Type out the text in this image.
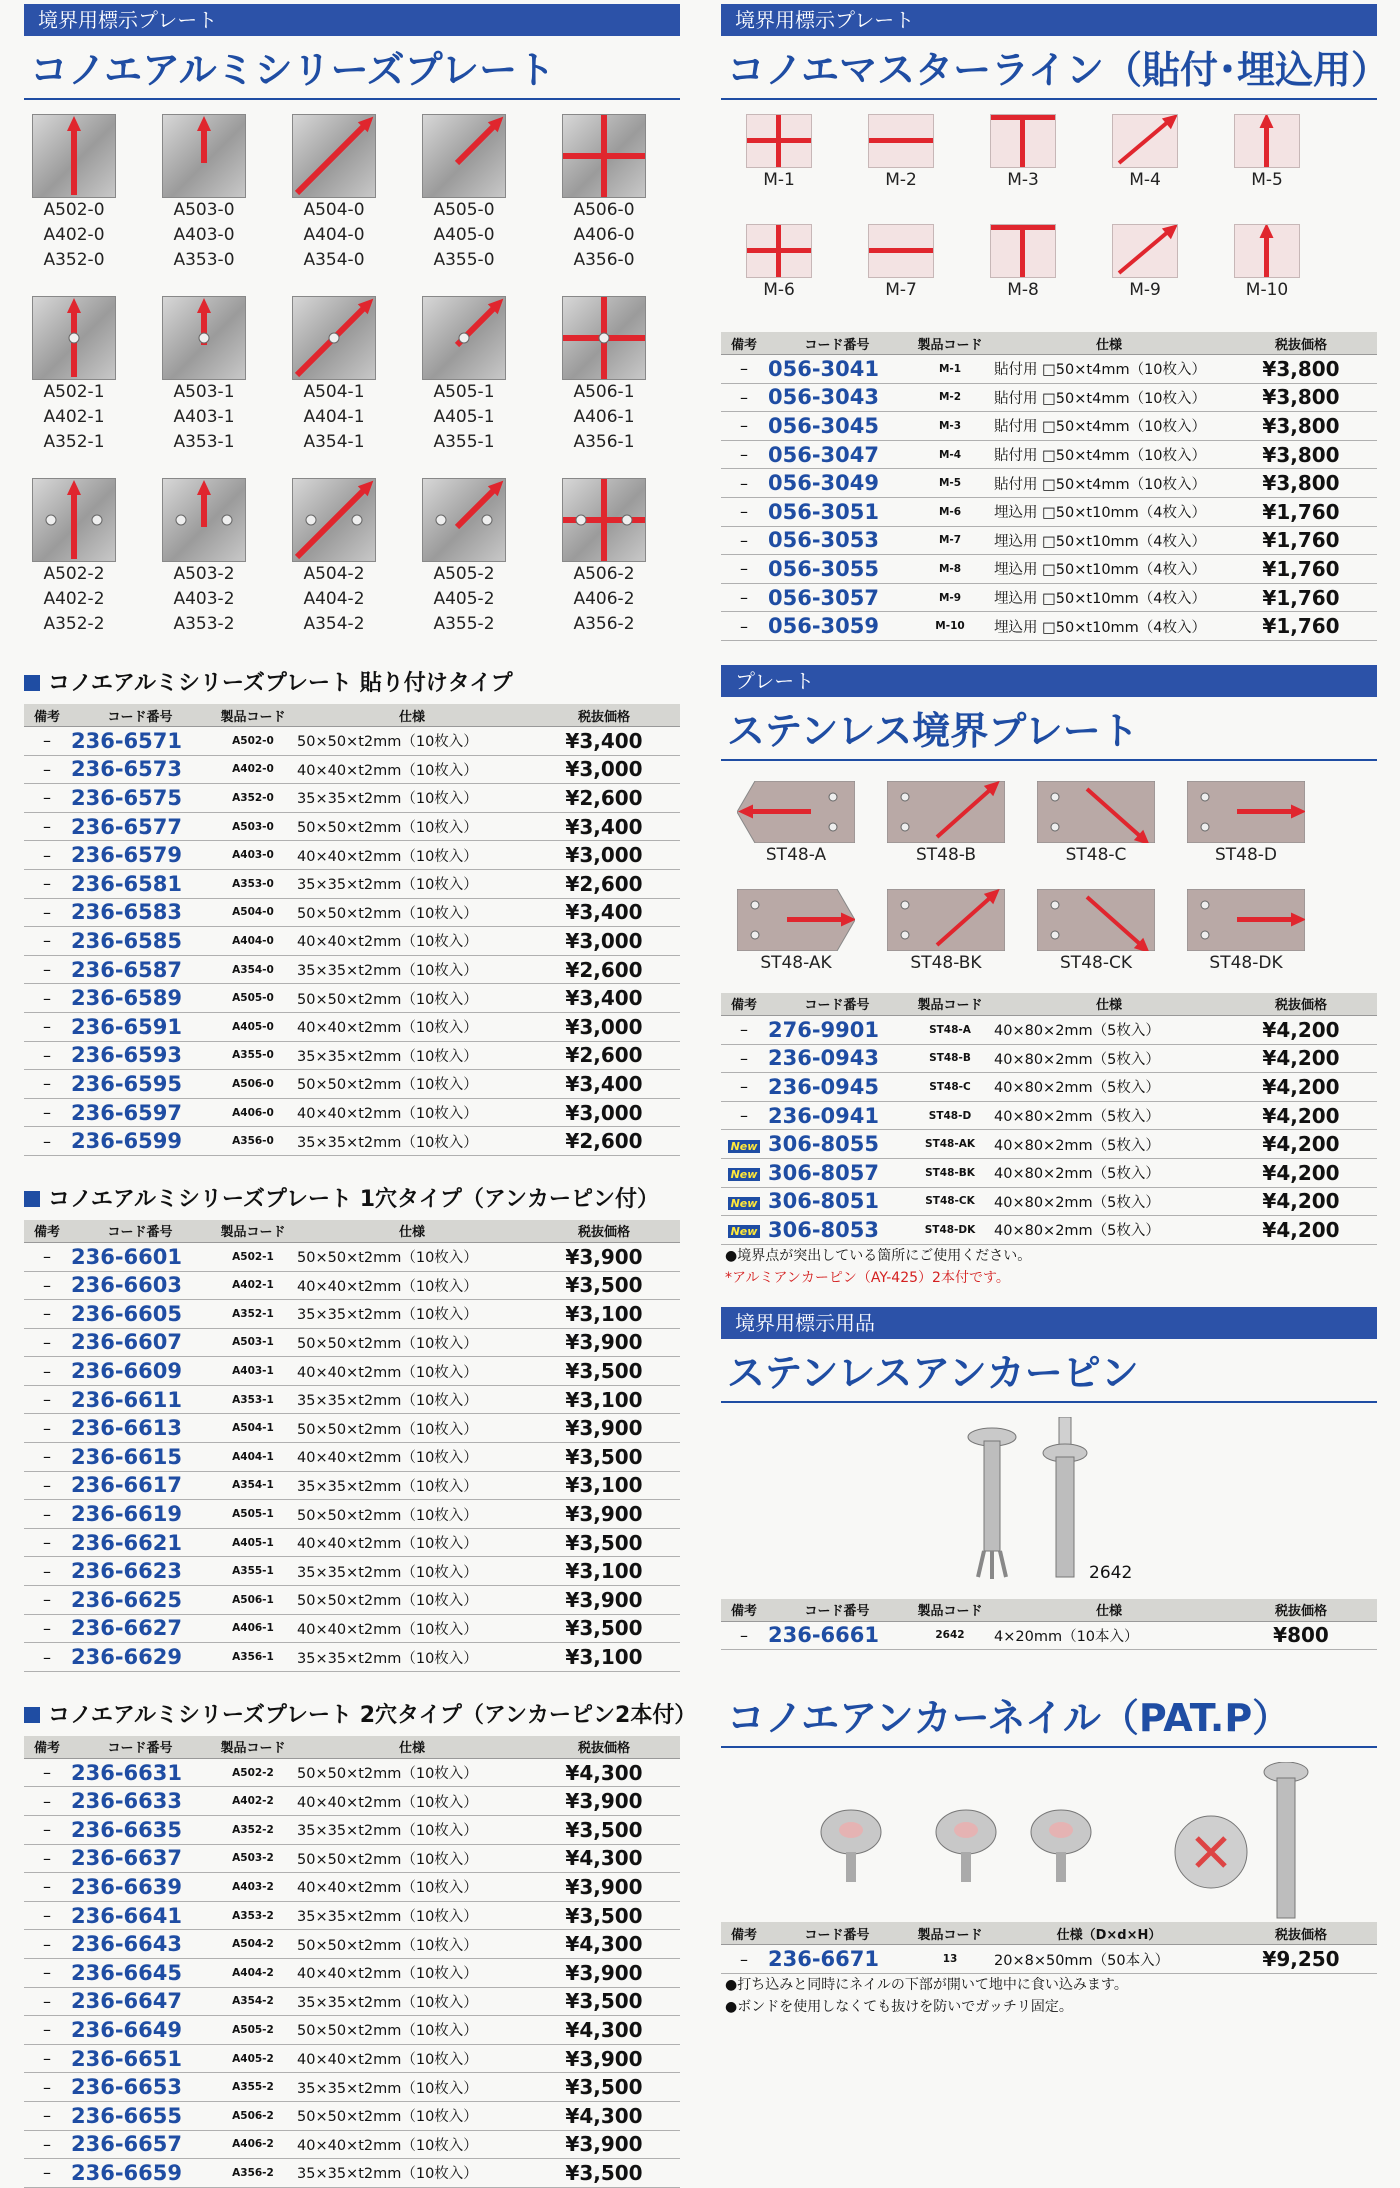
境界用標示プレート
コノエアルミシリーズプレート
A502-0
A402-0
A352-0
A503-0
A403-0
A353-0
A504-0
A404-0
A354-0
A505-0
A405-0
A355-0
A506-0
A406-0
A356-0
A502-1
A402-1
A352-1
A503-1
A403-1
A353-1
A504-1
A404-1
A354-1
A505-1
A405-1
A355-1
A506-1
A406-1
A356-1
A502-2
A402-2
A352-2
A503-2
A403-2
A353-2
A504-2
A404-2
A354-2
A505-2
A405-2
A355-2
A506-2
A406-2
A356-2
コノエアルミシリーズプレート 貼り付けタイプ
備考	コード番号	製品コード	仕様	税抜価格
–	236-6571	A502-0	50×50×t2mm（10枚入）	¥3,400
–	236-6573	A402-0	40×40×t2mm（10枚入）	¥3,000
–	236-6575	A352-0	35×35×t2mm（10枚入）	¥2,600
–	236-6577	A503-0	50×50×t2mm（10枚入）	¥3,400
–	236-6579	A403-0	40×40×t2mm（10枚入）	¥3,000
–	236-6581	A353-0	35×35×t2mm（10枚入）	¥2,600
–	236-6583	A504-0	50×50×t2mm（10枚入）	¥3,400
–	236-6585	A404-0	40×40×t2mm（10枚入）	¥3,000
–	236-6587	A354-0	35×35×t2mm（10枚入）	¥2,600
–	236-6589	A505-0	50×50×t2mm（10枚入）	¥3,400
–	236-6591	A405-0	40×40×t2mm（10枚入）	¥3,000
–	236-6593	A355-0	35×35×t2mm（10枚入）	¥2,600
–	236-6595	A506-0	50×50×t2mm（10枚入）	¥3,400
–	236-6597	A406-0	40×40×t2mm（10枚入）	¥3,000
–	236-6599	A356-0	35×35×t2mm（10枚入）	¥2,600
コノエアルミシリーズプレート 1穴タイプ（アンカーピン付）
備考	コード番号	製品コード	仕様	税抜価格
–	236-6601	A502-1	50×50×t2mm（10枚入）	¥3,900
–	236-6603	A402-1	40×40×t2mm（10枚入）	¥3,500
–	236-6605	A352-1	35×35×t2mm（10枚入）	¥3,100
–	236-6607	A503-1	50×50×t2mm（10枚入）	¥3,900
–	236-6609	A403-1	40×40×t2mm（10枚入）	¥3,500
–	236-6611	A353-1	35×35×t2mm（10枚入）	¥3,100
–	236-6613	A504-1	50×50×t2mm（10枚入）	¥3,900
–	236-6615	A404-1	40×40×t2mm（10枚入）	¥3,500
–	236-6617	A354-1	35×35×t2mm（10枚入）	¥3,100
–	236-6619	A505-1	50×50×t2mm（10枚入）	¥3,900
–	236-6621	A405-1	40×40×t2mm（10枚入）	¥3,500
–	236-6623	A355-1	35×35×t2mm（10枚入）	¥3,100
–	236-6625	A506-1	50×50×t2mm（10枚入）	¥3,900
–	236-6627	A406-1	40×40×t2mm（10枚入）	¥3,500
–	236-6629	A356-1	35×35×t2mm（10枚入）	¥3,100
コノエアルミシリーズプレート 2穴タイプ（アンカーピン2本付）
備考	コード番号	製品コード	仕様	税抜価格
–	236-6631	A502-2	50×50×t2mm（10枚入）	¥4,300
–	236-6633	A402-2	40×40×t2mm（10枚入）	¥3,900
–	236-6635	A352-2	35×35×t2mm（10枚入）	¥3,500
–	236-6637	A503-2	50×50×t2mm（10枚入）	¥4,300
–	236-6639	A403-2	40×40×t2mm（10枚入）	¥3,900
–	236-6641	A353-2	35×35×t2mm（10枚入）	¥3,500
–	236-6643	A504-2	50×50×t2mm（10枚入）	¥4,300
–	236-6645	A404-2	40×40×t2mm（10枚入）	¥3,900
–	236-6647	A354-2	35×35×t2mm（10枚入）	¥3,500
–	236-6649	A505-2	50×50×t2mm（10枚入）	¥4,300
–	236-6651	A405-2	40×40×t2mm（10枚入）	¥3,900
–	236-6653	A355-2	35×35×t2mm（10枚入）	¥3,500
–	236-6655	A506-2	50×50×t2mm（10枚入）	¥4,300
–	236-6657	A406-2	40×40×t2mm（10枚入）	¥3,900
–	236-6659	A356-2	35×35×t2mm（10枚入）	¥3,500
境界用標示プレート
コノエマスターライン（貼付･埋込用）
M-1	M-2	M-3	M-4	M-5
M-6	M-7	M-8	M-9	M-10
備考	コード番号	製品コード	仕様	税抜価格
–	056-3041	M-1	貼付用 □50×t4mm（10枚入）	¥3,800
–	056-3043	M-2	貼付用 □50×t4mm（10枚入）	¥3,800
–	056-3045	M-3	貼付用 □50×t4mm（10枚入）	¥3,800
–	056-3047	M-4	貼付用 □50×t4mm（10枚入）	¥3,800
–	056-3049	M-5	貼付用 □50×t4mm（10枚入）	¥3,800
–	056-3051	M-6	埋込用 □50×t10mm（4枚入）	¥1,760
–	056-3053	M-7	埋込用 □50×t10mm（4枚入）	¥1,760
–	056-3055	M-8	埋込用 □50×t10mm（4枚入）	¥1,760
–	056-3057	M-9	埋込用 □50×t10mm（4枚入）	¥1,760
–	056-3059	M-10	埋込用 □50×t10mm（4枚入）	¥1,760
プレート
ステンレス境界プレート
ST48-A	ST48-B	ST48-C	ST48-D
ST48-AK	ST48-BK	ST48-CK	ST48-DK
備考	コード番号	製品コード	仕様	税抜価格
–	276-9901	ST48-A	40×80×2mm（5枚入）	¥4,200
–	236-0943	ST48-B	40×80×2mm（5枚入）	¥4,200
–	236-0945	ST48-C	40×80×2mm（5枚入）	¥4,200
–	236-0941	ST48-D	40×80×2mm（5枚入）	¥4,200
New	306-8055	ST48-AK	40×80×2mm（5枚入）	¥4,200
New	306-8057	ST48-BK	40×80×2mm（5枚入）	¥4,200
New	306-8051	ST48-CK	40×80×2mm（5枚入）	¥4,200
New	306-8053	ST48-DK	40×80×2mm（5枚入）	¥4,200
●境界点が突出している箇所にご使用ください。
*アルミアンカーピン（AY-425）2本付です。
境界用標示用品
ステンレスアンカーピン
2642
備考	コード番号	製品コード	仕様	税抜価格
–	236-6661	2642	4×20mm（10本入）	¥800
コノエアンカーネイル（PAT.P）
備考	コード番号	製品コード	仕様（D×d×H）	税抜価格
–	236-6671	13	20×8×50mm（50本入）	¥9,250
●打ち込みと同時にネイルの下部が開いて地中に食い込みます。
●ボンドを使用しなくても抜けを防いでガッチリ固定。
